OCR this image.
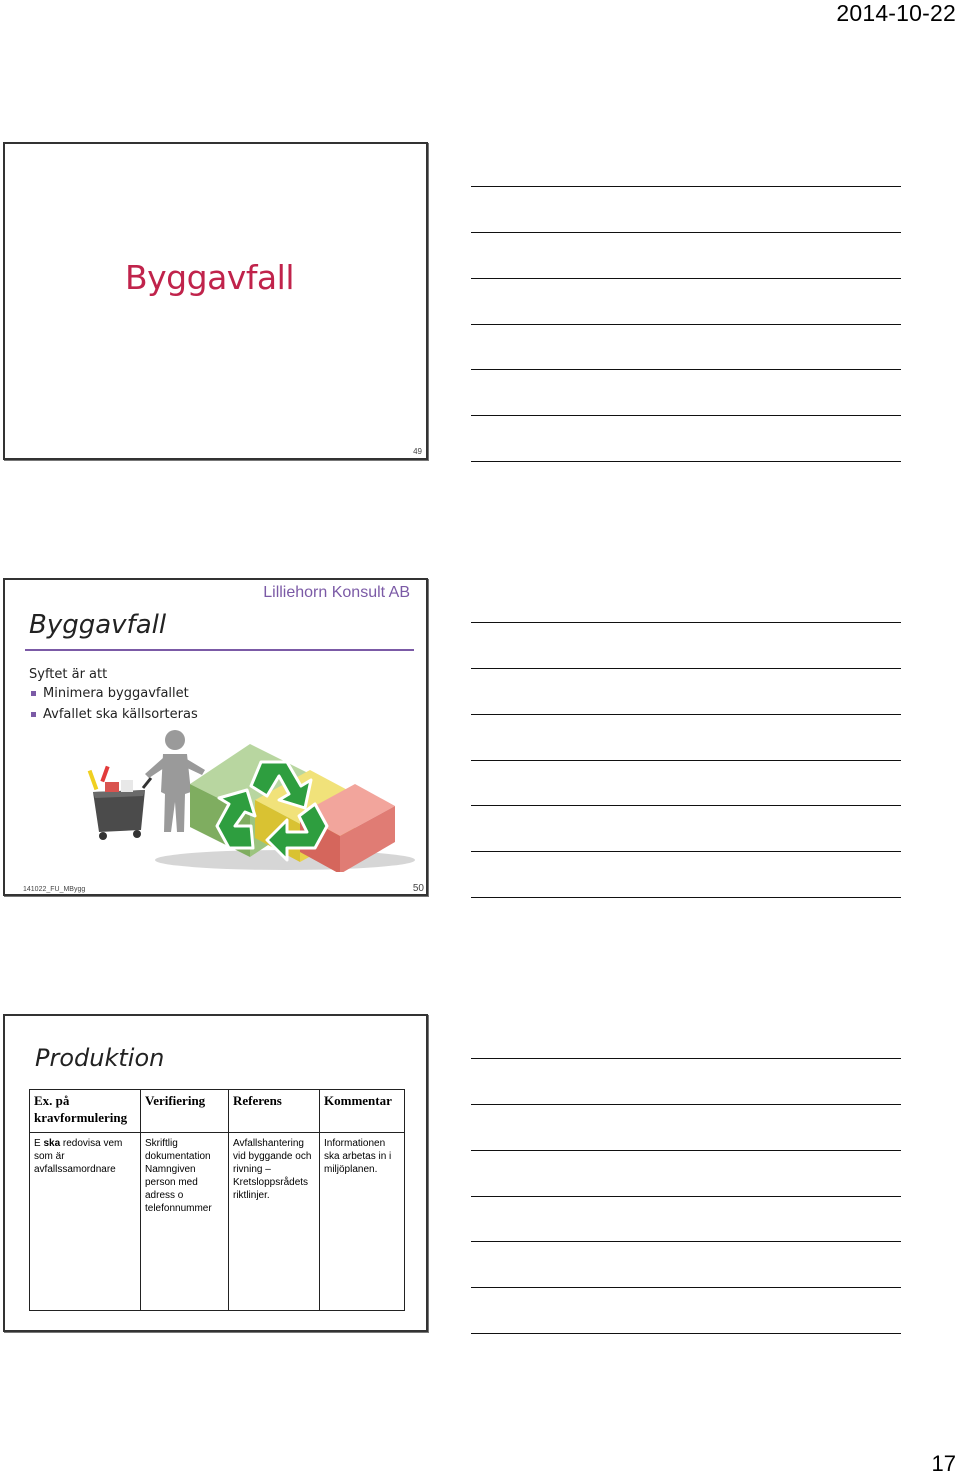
2014-10-22
Byggavfall
49
Lilliehorn Konsult AB
Byggavfall
Syftet är att
Minimera byggavfallet
Avfallet ska källsorteras
141022_FU_MBygg	50
Produktion
Ex. på kravformulering	Verifiering	Referens	Kommentar
E ska redovisa vem som är avfallssamordnare	Skriftlig dokumentation Namngiven person med adress o telefonnummer	Avfallshantering vid byggande och rivning – Kretsloppsrådets riktlinjer.	Informationen ska arbetas in i miljöplanen.
17
